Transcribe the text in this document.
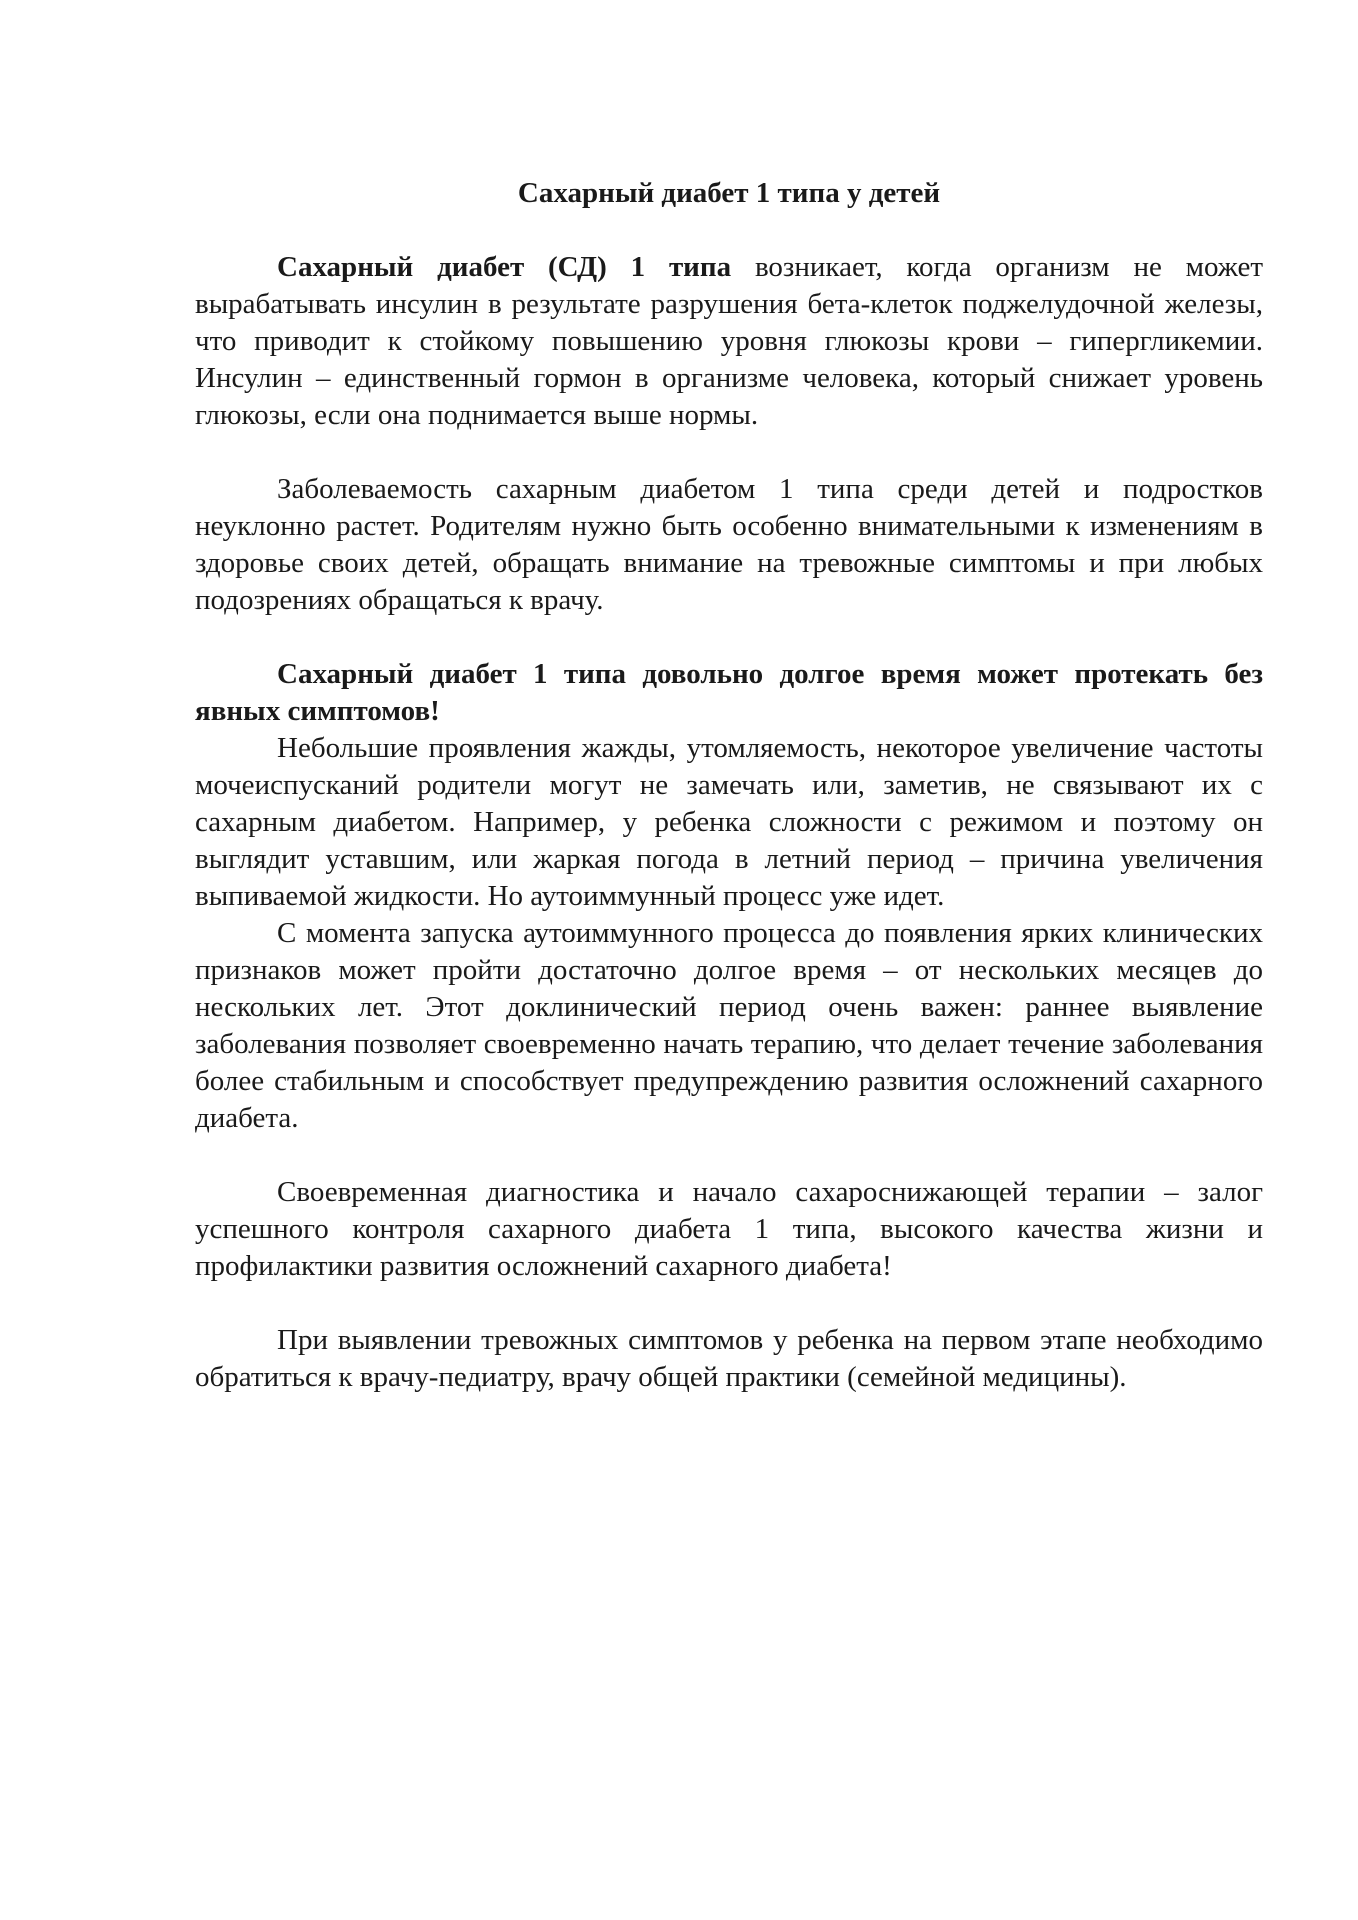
Сахарный диабет 1 типа у детей

Сахарный диабет (СД) 1 типа возникает, когда организм не может вырабатывать инсулин в результате разрушения бета-клеток поджелудочной железы, что приводит к стойкому повышению уровня глюкозы крови – гипергликемии. Инсулин – единственный гормон в организме человека, который снижает уровень глюкозы, если она поднимается выше нормы.

Заболеваемость сахарным диабетом 1 типа среди детей и подростков неуклонно растет. Родителям нужно быть особенно внимательными к изменениям в здоровье своих детей, обращать внимание на тревожные симптомы и при любых подозрениях обращаться к врачу.

Сахарный диабет 1 типа довольно долгое время может протекать без явных симптомов!

Небольшие проявления жажды, утомляемость, некоторое увеличение частоты мочеиспусканий родители могут не замечать или, заметив, не связывают их с сахарным диабетом. Например, у ребенка сложности с режимом и поэтому он выглядит уставшим, или жаркая погода в летний период – причина увеличения выпиваемой жидкости. Но аутоиммунный процесс уже идет.

С момента запуска аутоиммунного процесса до появления ярких клинических признаков может пройти достаточно долгое время – от нескольких месяцев до нескольких лет. Этот доклинический период очень важен: раннее выявление заболевания позволяет своевременно начать терапию, что делает течение заболевания более стабильным и способствует предупреждению развития осложнений сахарного диабета.

Своевременная диагностика и начало сахароснижающей терапии – залог успешного контроля сахарного диабета 1 типа, высокого качества жизни и профилактики развития осложнений сахарного диабета!

При выявлении тревожных симптомов у ребенка на первом этапе необходимо обратиться к врачу-педиатру, врачу общей практики (семейной медицины).
